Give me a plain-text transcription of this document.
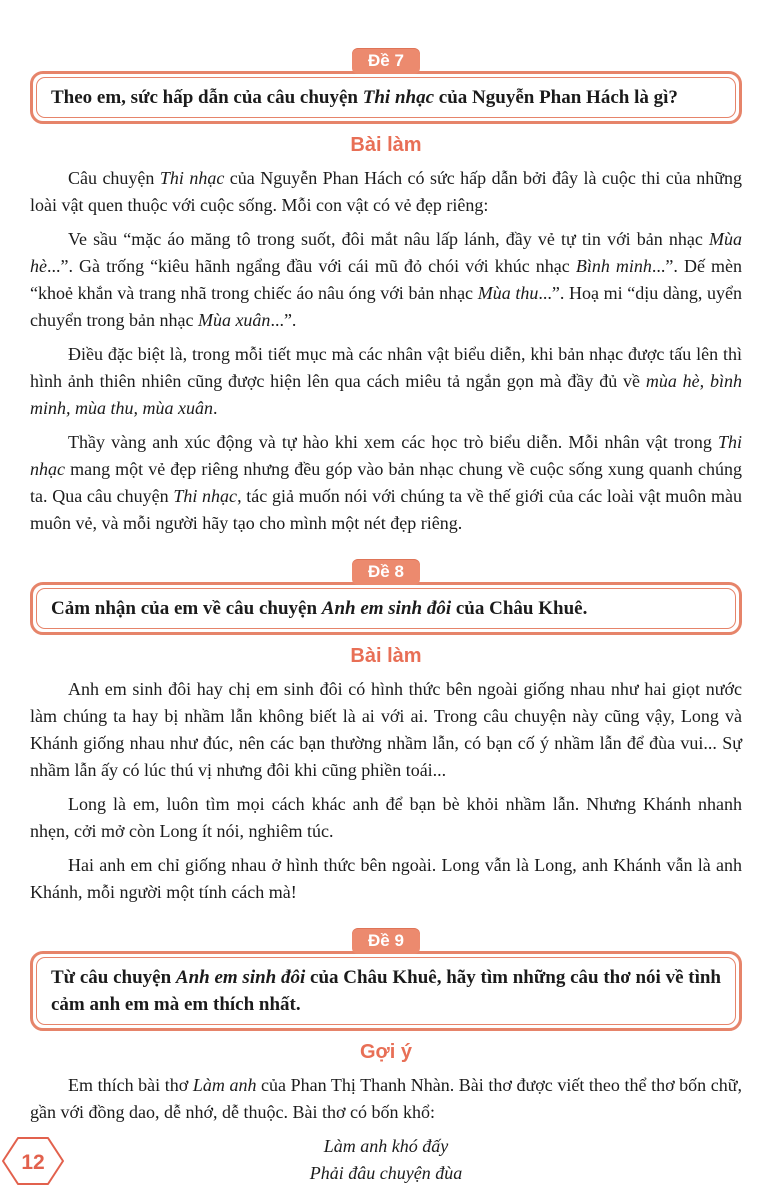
Đề 7

Theo em, sức hấp dẫn của câu chuyện Thi nhạc của Nguyễn Phan Hách là gì?

Bài làm

Câu chuyện Thi nhạc của Nguyễn Phan Hách có sức hấp dẫn bởi đây là cuộc thi của những loài vật quen thuộc với cuộc sống. Mỗi con vật có vẻ đẹp riêng:

Ve sầu “mặc áo măng tô trong suốt, đôi mắt nâu lấp lánh, đầy vẻ tự tin với bản nhạc Mùa hè...”. Gà trống “kiêu hãnh ngẩng đầu với cái mũ đỏ chói với khúc nhạc Bình minh...”. Dế mèn “khoẻ khắn và trang nhã trong chiếc áo nâu óng với bản nhạc Mùa thu...”. Hoạ mi “dịu dàng, uyển chuyển trong bản nhạc Mùa xuân...”.

Điều đặc biệt là, trong mỗi tiết mục mà các nhân vật biểu diễn, khi bản nhạc được tấu lên thì hình ảnh thiên nhiên cũng được hiện lên qua cách miêu tả ngắn gọn mà đầy đủ về mùa hè, bình minh, mùa thu, mùa xuân.

Thầy vàng anh xúc động và tự hào khi xem các học trò biểu diễn. Mỗi nhân vật trong Thi nhạc mang một vẻ đẹp riêng nhưng đều góp vào bản nhạc chung về cuộc sống xung quanh chúng ta. Qua câu chuyện Thi nhạc, tác giả muốn nói với chúng ta về thế giới của các loài vật muôn màu muôn vẻ, và mỗi người hãy tạo cho mình một nét đẹp riêng.

Đề 8

Cảm nhận của em về câu chuyện Anh em sinh đôi của Châu Khuê.

Bài làm

Anh em sinh đôi hay chị em sinh đôi có hình thức bên ngoài giống nhau như hai giọt nước làm chúng ta hay bị nhầm lẫn không biết là ai với ai. Trong câu chuyện này cũng vậy, Long và Khánh giống nhau như đúc, nên các bạn thường nhầm lẫn, có bạn cố ý nhầm lẫn để đùa vui... Sự nhầm lẫn ấy có lúc thú vị nhưng đôi khi cũng phiền toái...

Long là em, luôn tìm mọi cách khác anh để bạn bè khỏi nhầm lẫn. Nhưng Khánh nhanh nhẹn, cởi mở còn Long ít nói, nghiêm túc.

Hai anh em chỉ giống nhau ở hình thức bên ngoài. Long vẫn là Long, anh Khánh vẫn là anh Khánh, mỗi người một tính cách mà!

Đề 9

Từ câu chuyện Anh em sinh đôi của Châu Khuê, hãy tìm những câu thơ nói về tình cảm anh em mà em thích nhất.

Gợi ý

Em thích bài thơ Làm anh của Phan Thị Thanh Nhàn. Bài thơ được viết theo thể thơ bốn chữ, gần với đồng dao, dễ nhớ, dễ thuộc. Bài thơ có bốn khổ:

Làm anh khó đấy

Phải đâu chuyện đùa

12
